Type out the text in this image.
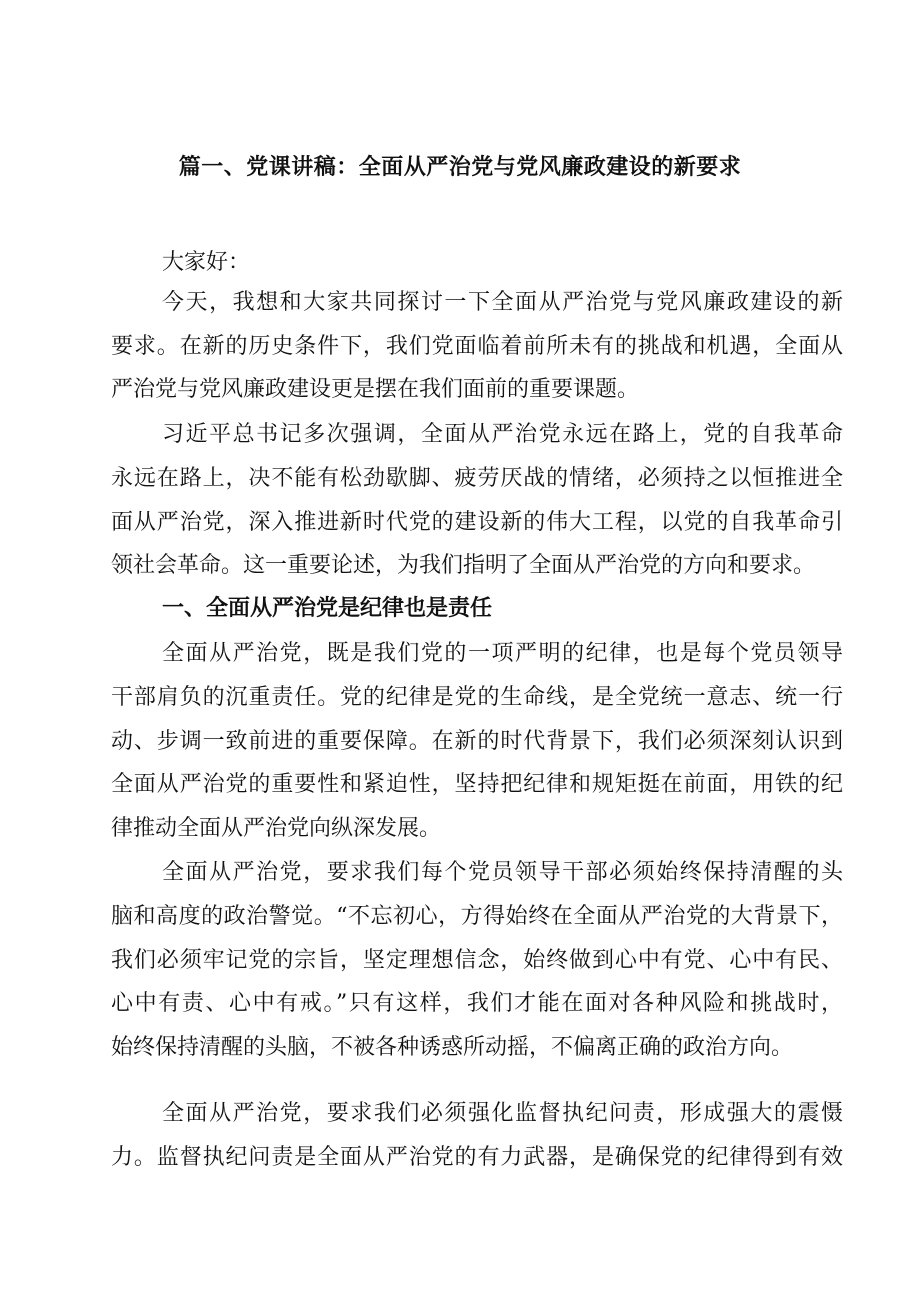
篇一、党课讲稿：全面从严治党与党风廉政建设的新要求
大家好：
今天，我想和大家共同探讨一下全面从严治党与党风廉政建设的新
要求。在新的历史条件下，我们党面临着前所未有的挑战和机遇，全面从
严治党与党风廉政建设更是摆在我们面前的重要课题。
习近平总书记多次强调，全面从严治党永远在路上，党的自我革命
永远在路上，决不能有松劲歇脚、疲劳厌战的情绪，必须持之以恒推进全
面从严治党，深入推进新时代党的建设新的伟大工程，以党的自我革命引
领社会革命。这一重要论述，为我们指明了全面从严治党的方向和要求。
一、全面从严治党是纪律也是责任
全面从严治党，既是我们党的一项严明的纪律，也是每个党员领导
干部肩负的沉重责任。党的纪律是党的生命线，是全党统一意志、统一行
动、步调一致前进的重要保障。在新的时代背景下，我们必须深刻认识到
全面从严治党的重要性和紧迫性，坚持把纪律和规矩挺在前面，用铁的纪
律推动全面从严治党向纵深发展。
全面从严治党，要求我们每个党员领导干部必须始终保持清醒的头
脑和高度的政治警觉。“不忘初心，方得始终在全面从严治党的大背景下，
我们必须牢记党的宗旨，坚定理想信念，始终做到心中有党、心中有民、
心中有责、心中有戒。”只有这样，我们才能在面对各种风险和挑战时，
始终保持清醒的头脑，不被各种诱惑所动摇，不偏离正确的政治方向。
全面从严治党，要求我们必须强化监督执纪问责，形成强大的震慑
力。监督执纪问责是全面从严治党的有力武器，是确保党的纪律得到有效
